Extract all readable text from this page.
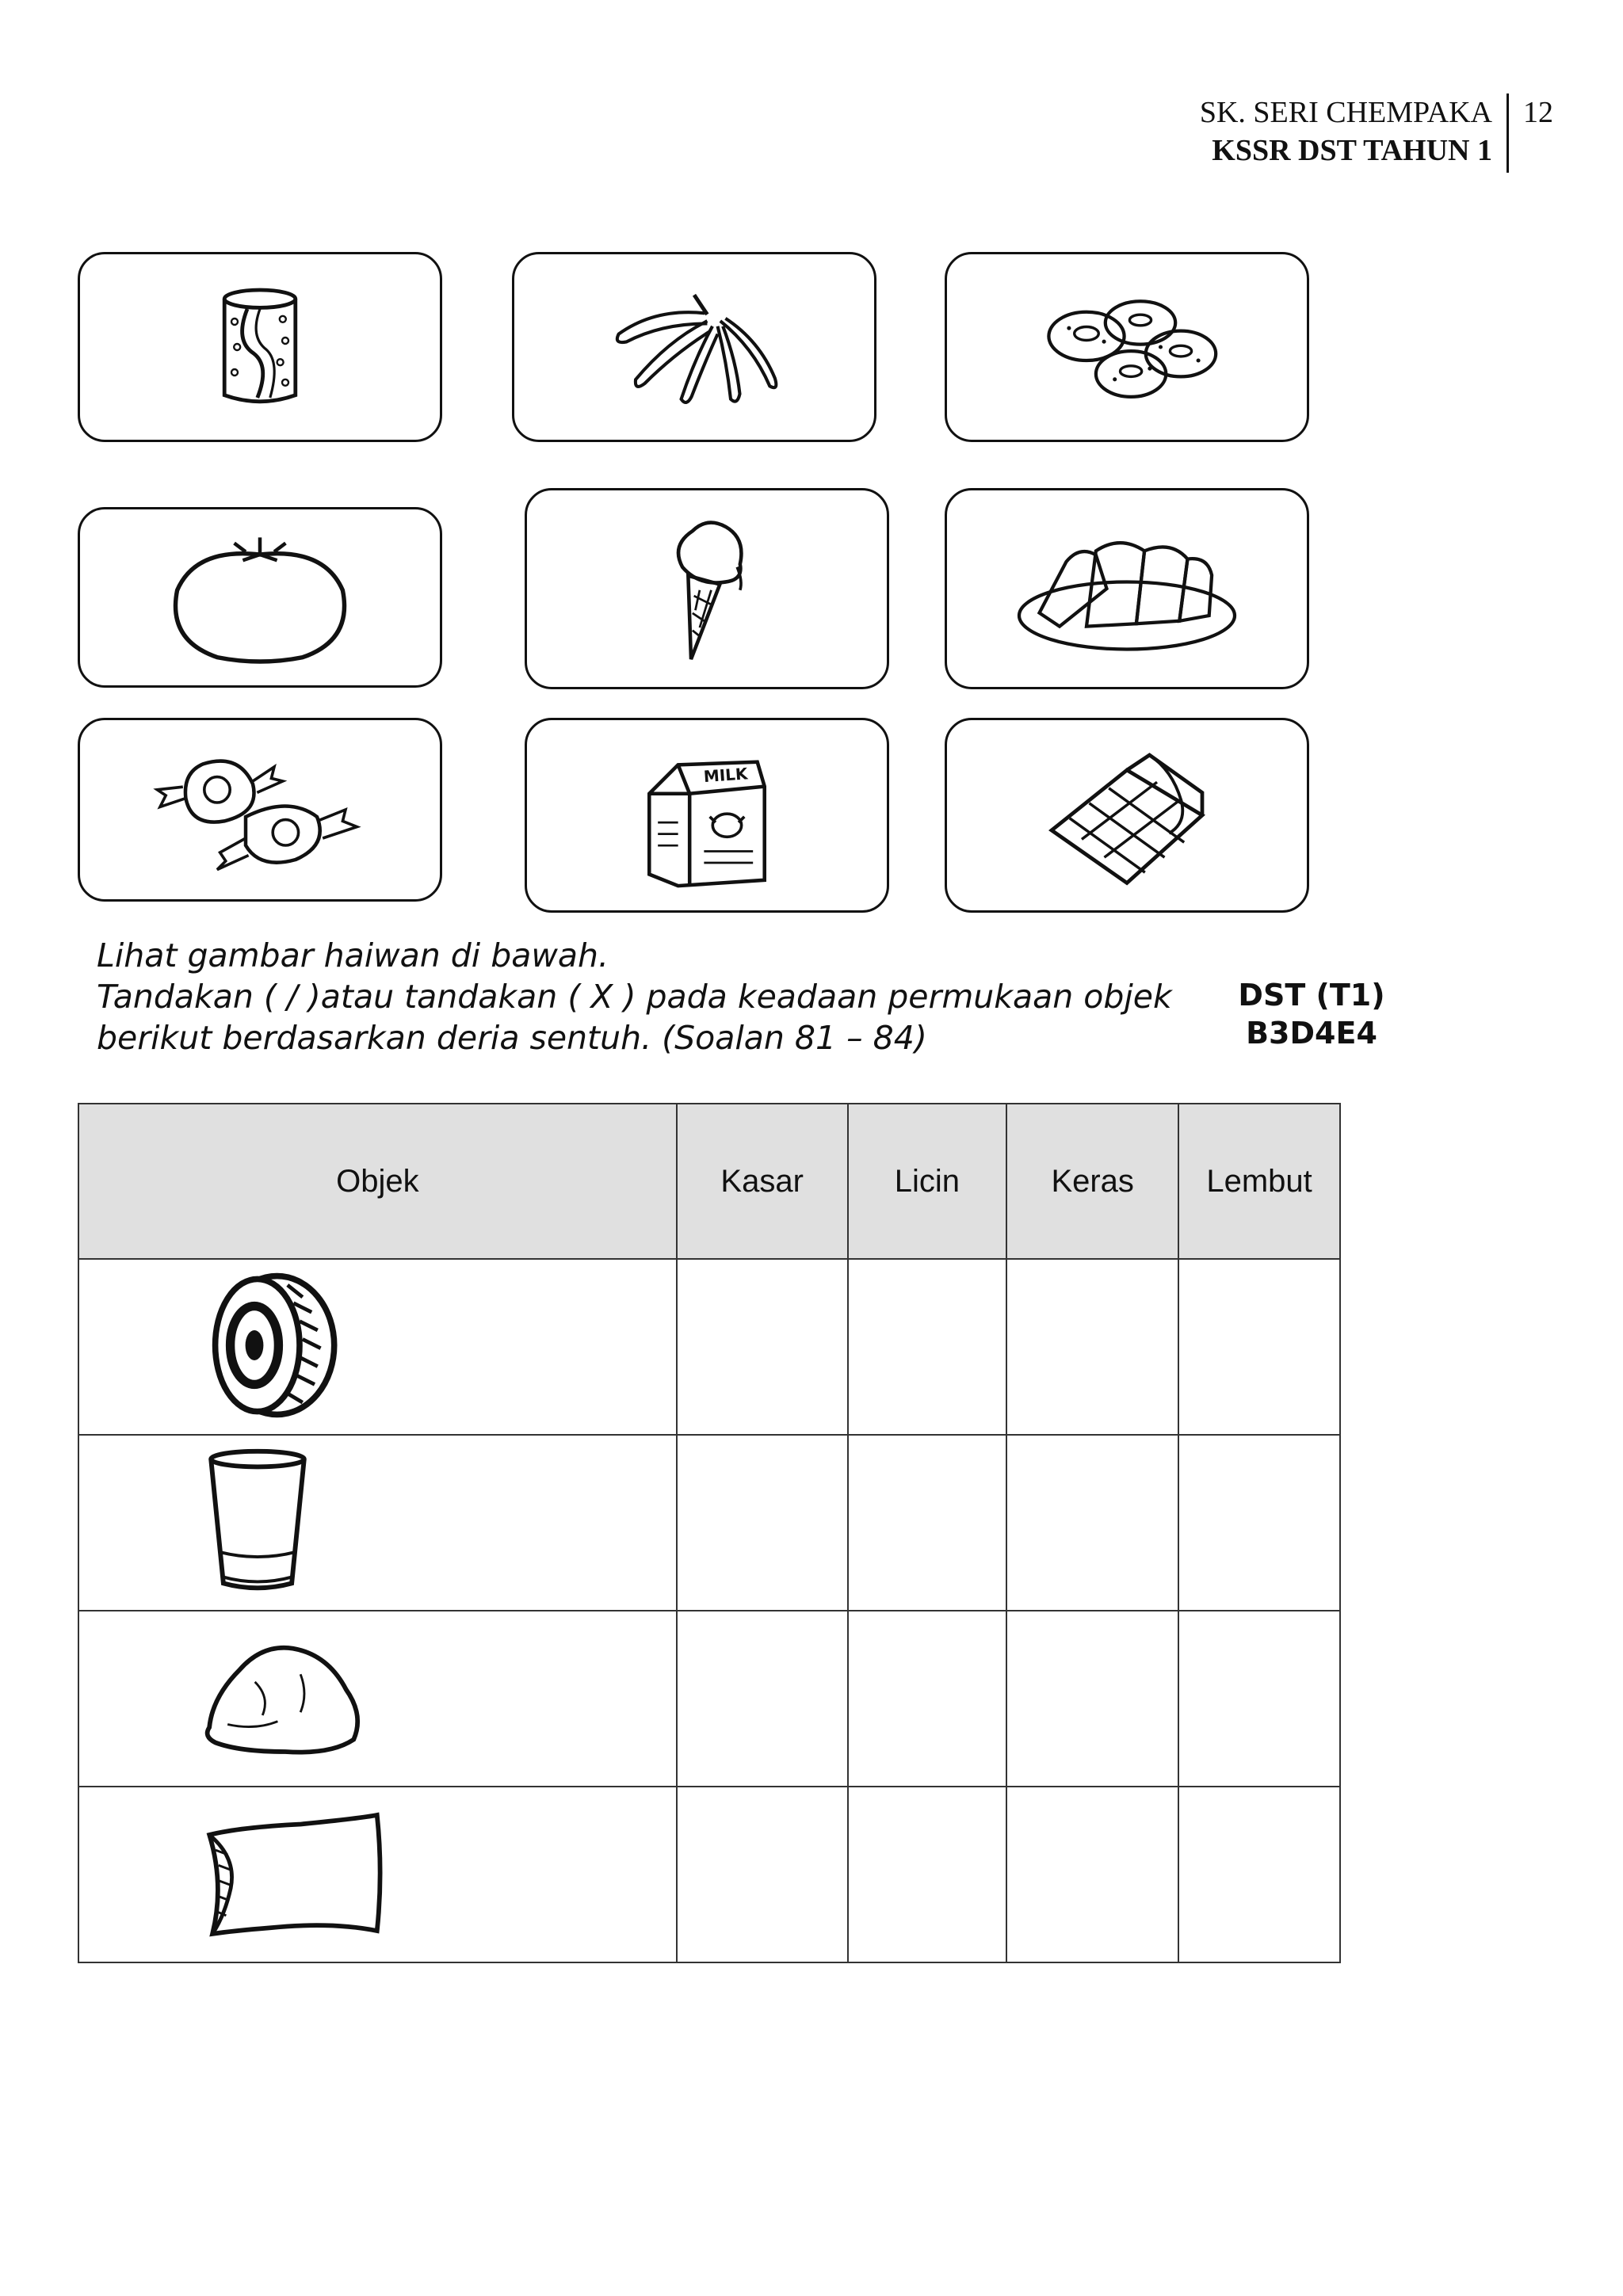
SK. SERI CHEMPAKA
KSSR DST TAHUN 1
12
MILK
Lihat gambar haiwan di bawah.
Tandakan ( / )atau tandakan ( X ) pada keadaan permukaan objek
berikut berdasarkan deria sentuh. (Soalan 81 – 84)
DST (T1)
B3D4E4
Objek	Kasar	Licin	Keras	Lembut
